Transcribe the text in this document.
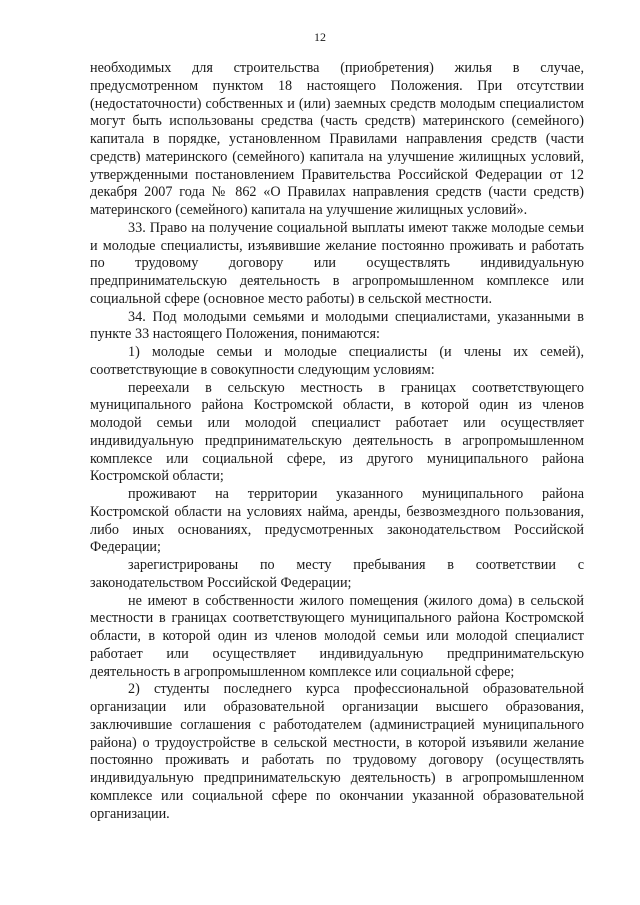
12

необходимых для строительства (приобретения) жилья в случае, предусмотренном пунктом 18 настоящего Положения. При отсутствии (недостаточности) собственных и (или) заемных средств молодым специалистом могут быть использованы средства (часть средств) материнского (семейного) капитала в порядке, установленном Правилами направления средств (части средств) материнского (семейного) капитала на улучшение жилищных условий, утвержденными постановлением Правительства Российской Федерации от 12 декабря 2007 года № 862 «О Правилах направления средств (части средств) материнского (семейного) капитала на улучшение жилищных условий».

33. Право на получение социальной выплаты имеют также молодые семьи и молодые специалисты, изъявившие желание постоянно проживать и работать по трудовому договору или осуществлять индивидуальную предпринимательскую деятельность в агропромышленном комплексе или социальной сфере (основное место работы) в сельской местности.

34. Под молодыми семьями и молодыми специалистами, указанными в пункте 33 настоящего Положения, понимаются:

1) молодые семьи и молодые специалисты (и члены их семей), соответствующие в совокупности следующим условиям:

переехали в сельскую местность в границах соответствующего муниципального района Костромской области, в которой один из членов молодой семьи или молодой специалист работает или осуществляет индивидуальную предпринимательскую деятельность в агропромышленном комплексе или социальной сфере, из другого муниципального района Костромской области;

проживают на территории указанного муниципального района Костромской области на условиях найма, аренды, безвозмездного пользования, либо иных основаниях, предусмотренных законодательством Российской Федерации;

зарегистрированы по месту пребывания в соответствии с законодательством Российской Федерации;

не имеют в собственности жилого помещения (жилого дома) в сельской местности в границах соответствующего муниципального района Костромской области, в которой один из членов молодой семьи или молодой специалист работает или осуществляет индивидуальную предпринимательскую деятельность в агропромышленном комплексе или социальной сфере;

2) студенты последнего курса профессиональной образовательной организации или образовательной организации высшего образования, заключившие соглашения с работодателем (администрацией муниципального района) о трудоустройстве в сельской местности, в которой изъявили желание постоянно проживать и работать по трудовому договору (осуществлять индивидуальную предпринимательскую деятельность) в агропромышленном комплексе или социальной сфере по окончании указанной образовательной организации.
